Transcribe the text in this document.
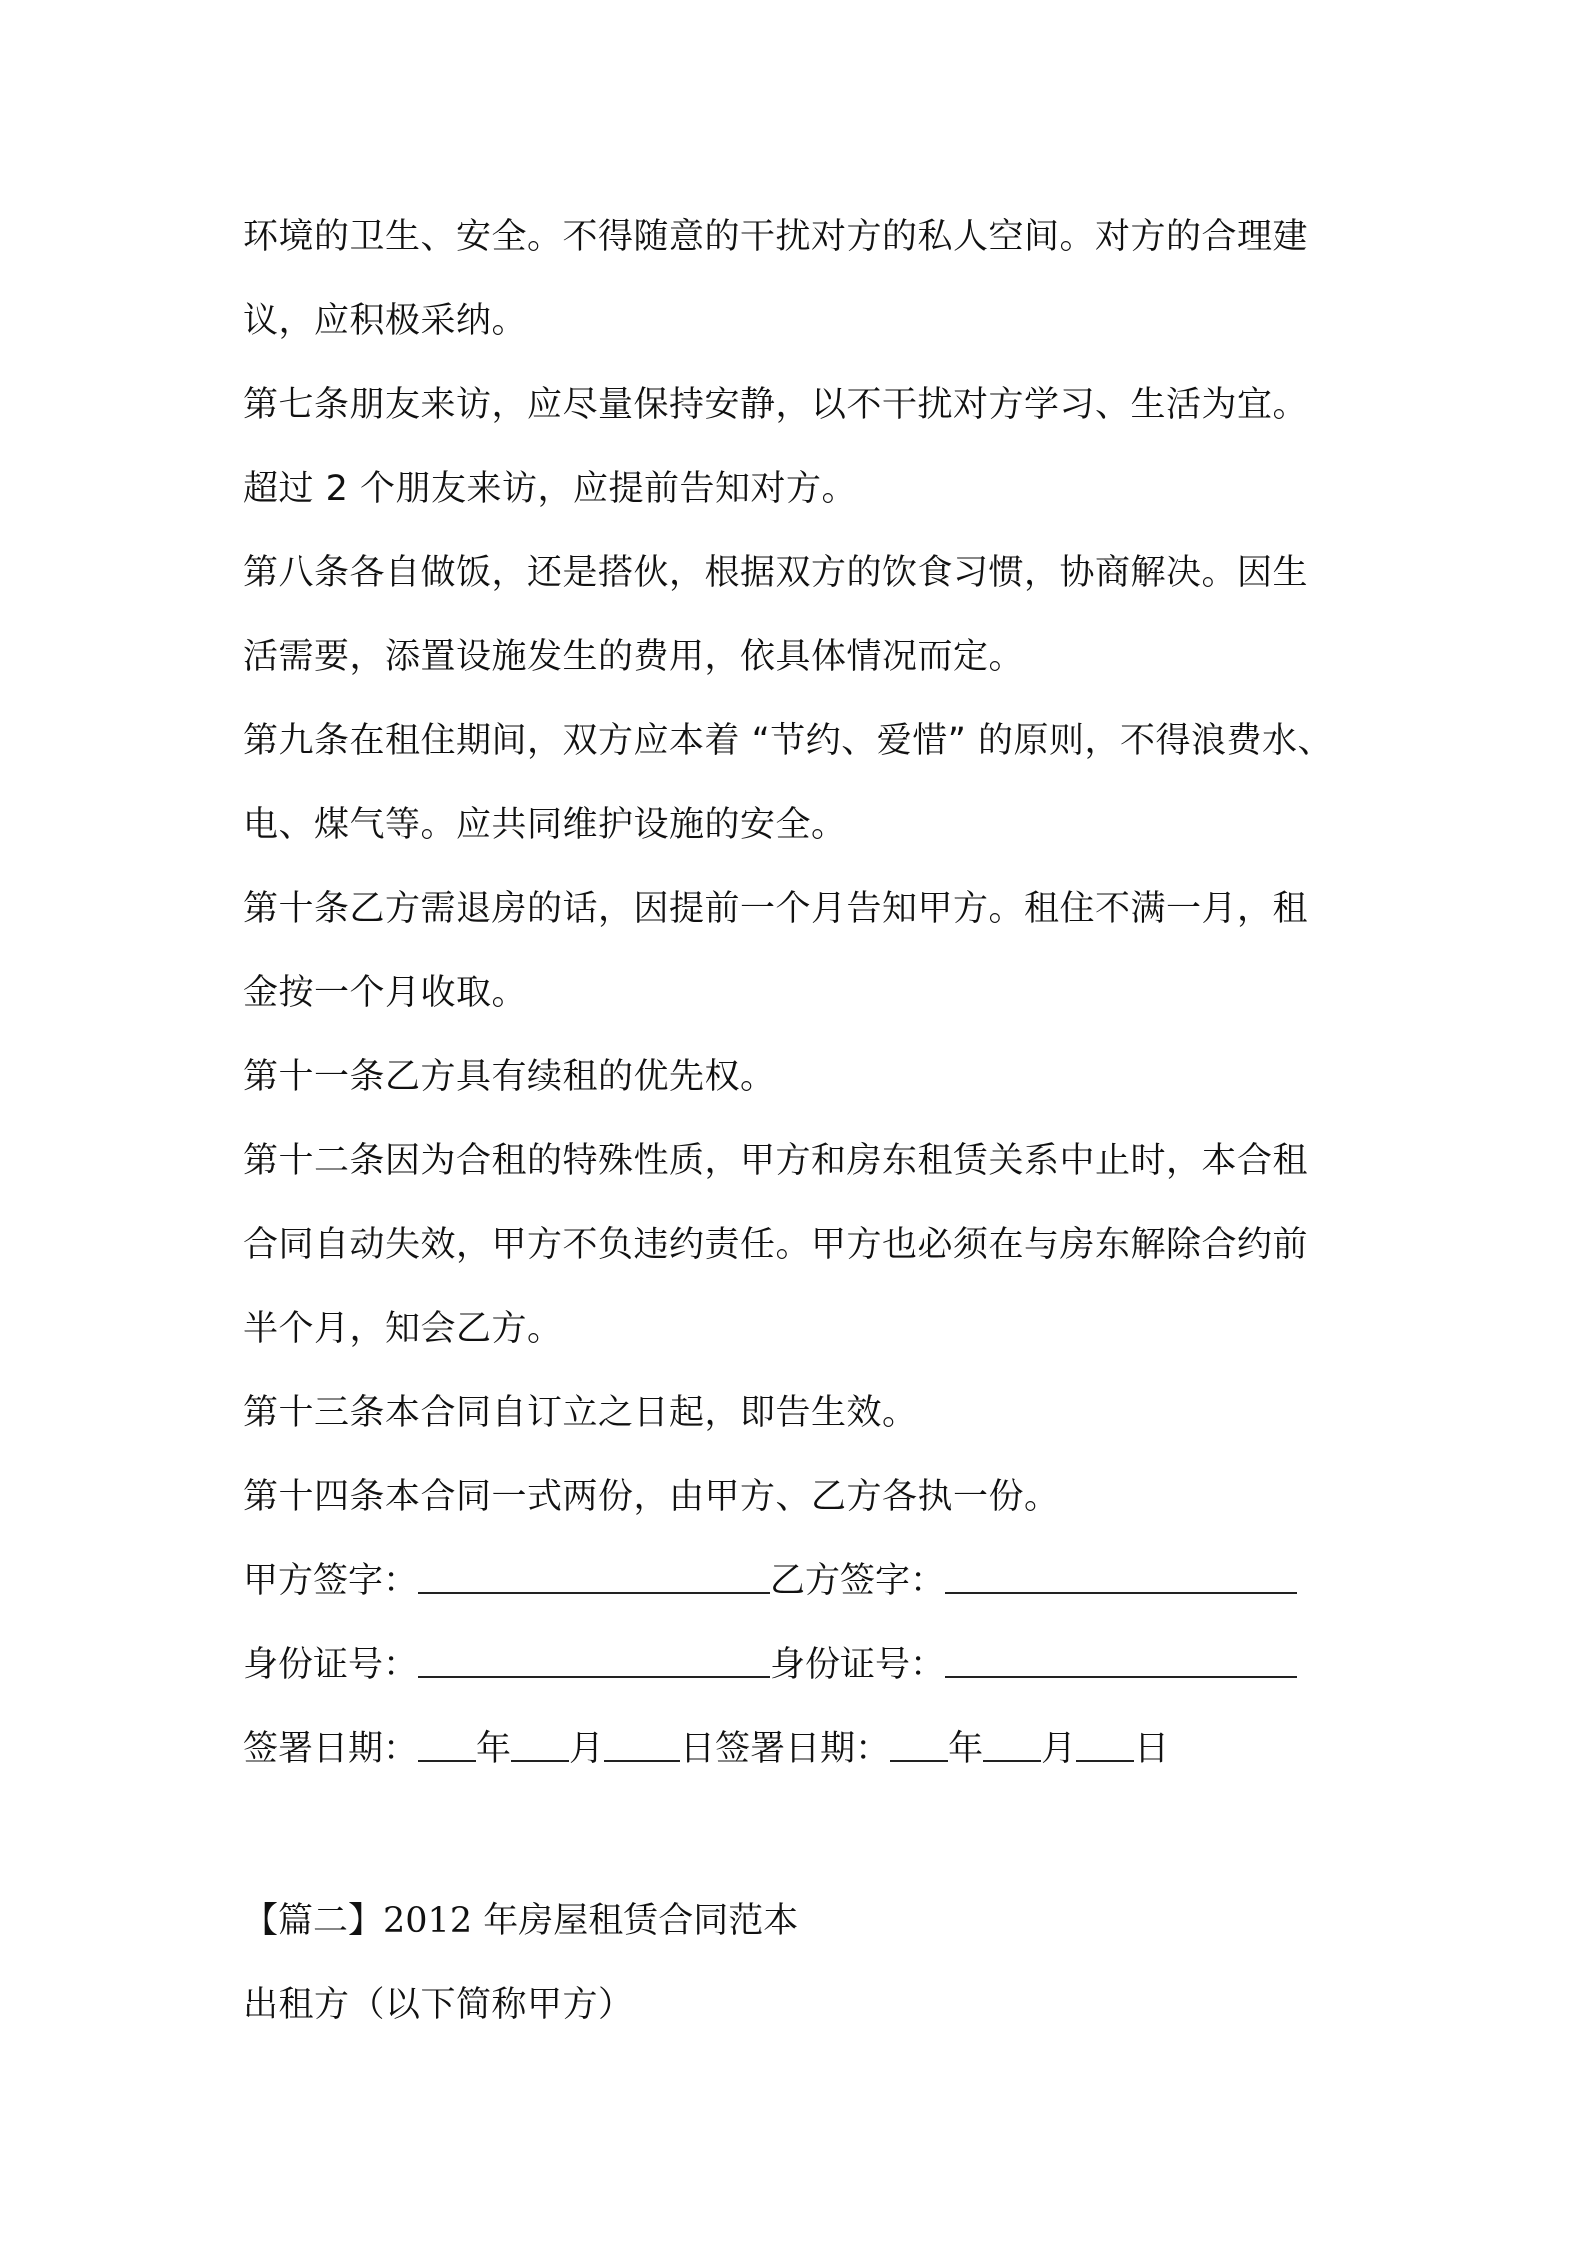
环境的卫生、安全。不得随意的干扰对方的私人空间。对方的合理建
议，应积极采纳。
第七条朋友来访，应尽量保持安静，以不干扰对方学习、生活为宜。
超过 2 个朋友来访，应提前告知对方。
第八条各自做饭，还是搭伙，根据双方的饮食习惯，协商解决。因生
活需要，添置设施发生的费用，依具体情况而定。
第九条在租住期间，双方应本着 “节约、爱惜” 的原则，不得浪费水、
电、煤气等。应共同维护设施的安全。
第十条乙方需退房的话，因提前一个月告知甲方。租住不满一月，租
金按一个月收取。
第十一条乙方具有续租的优先权。
第十二条因为合租的特殊性质，甲方和房东租赁关系中止时，本合租
合同自动失效，甲方不负违约责任。甲方也必须在与房东解除合约前
半个月，知会乙方。
第十三条本合同自订立之日起，即告生效。
第十四条本合同一式两份，由甲方、乙方各执一份。
甲方签字：	乙方签字：
身份证号：	身份证号：
签署日期： 年 月 日签署日期： 年 月 日
【篇二】2012 年房屋租赁合同范本
出租方（以下简称甲方）
